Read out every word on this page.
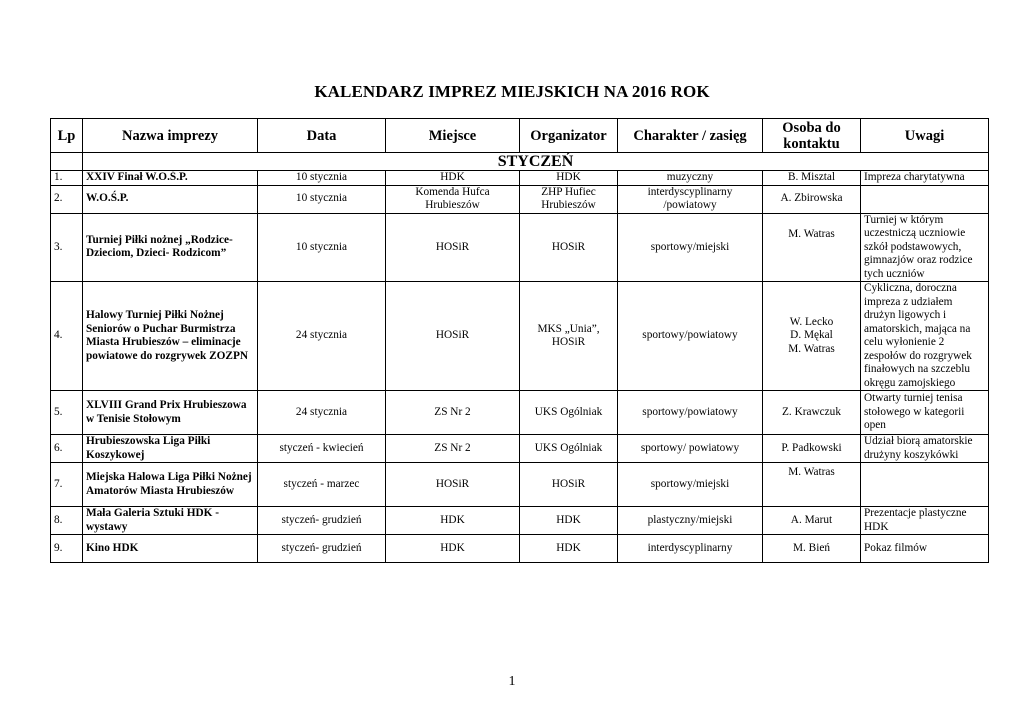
KALENDARZ IMPREZ MIEJSKICH NA 2016 ROK
Lp	Nazwa imprezy	Data	Miejsce	Organizator	Charakter / zasięg	Osoba do kontaktu	Uwagi
	STYCZEŃ						
1.	XXIV Finał W.O.Ś.P.	10 stycznia	HDK	HDK	muzyczny	B. Misztal	Impreza charytatywna
2.	W.O.Ś.P.	10 stycznia	Komenda Hufca Hrubieszów	ZHP Hufiec Hrubieszów	interdyscyplinarny /powiatowy	A. Zbirowska	
3.	Turniej Piłki nożnej „Rodzice- Dzieciom, Dzieci- Rodzicom”	10 stycznia	HOSiR	HOSiR	sportowy/miejski	M. Watras	Turniej w którym uczestniczą uczniowie szkół podstawowych, gimnazjów oraz rodzice tych uczniów
4.	Halowy Turniej Piłki Nożnej Seniorów o Puchar Burmistrza Miasta Hrubieszów – eliminacje powiatowe do rozgrywek ZOZPN	24 stycznia	HOSiR	MKS „Unia”, HOSiR	sportowy/powiatowy	W. Lecko
D. Mękal
M. Watras	Cykliczna, doroczna impreza z udziałem drużyn ligowych i amatorskich, mająca na celu wyłonienie 2 zespołów do rozgrywek finałowych na szczeblu okręgu zamojskiego
5.	XLVIII Grand Prix Hrubieszowa w Tenisie Stołowym	24 stycznia	ZS Nr 2	UKS Ogólniak	sportowy/powiatowy	Z. Krawczuk	Otwarty turniej tenisa stołowego w kategorii open
6.	Hrubieszowska Liga Piłki Koszykowej	styczeń - kwiecień	ZS Nr 2	UKS Ogólniak	sportowy/ powiatowy	P. Padkowski	Udział biorą amatorskie drużyny koszykówki
7.	Miejska Halowa Liga Piłki Nożnej Amatorów Miasta Hrubieszów	styczeń - marzec	HOSiR	HOSiR	sportowy/miejski	M. Watras	
8.	Mała Galeria Sztuki HDK - wystawy	styczeń- grudzień	HDK	HDK	plastyczny/miejski	A. Marut	Prezentacje plastyczne HDK
9.	Kino HDK	styczeń- grudzień	HDK	HDK	interdyscyplinarny	M. Bień	Pokaz filmów
1
